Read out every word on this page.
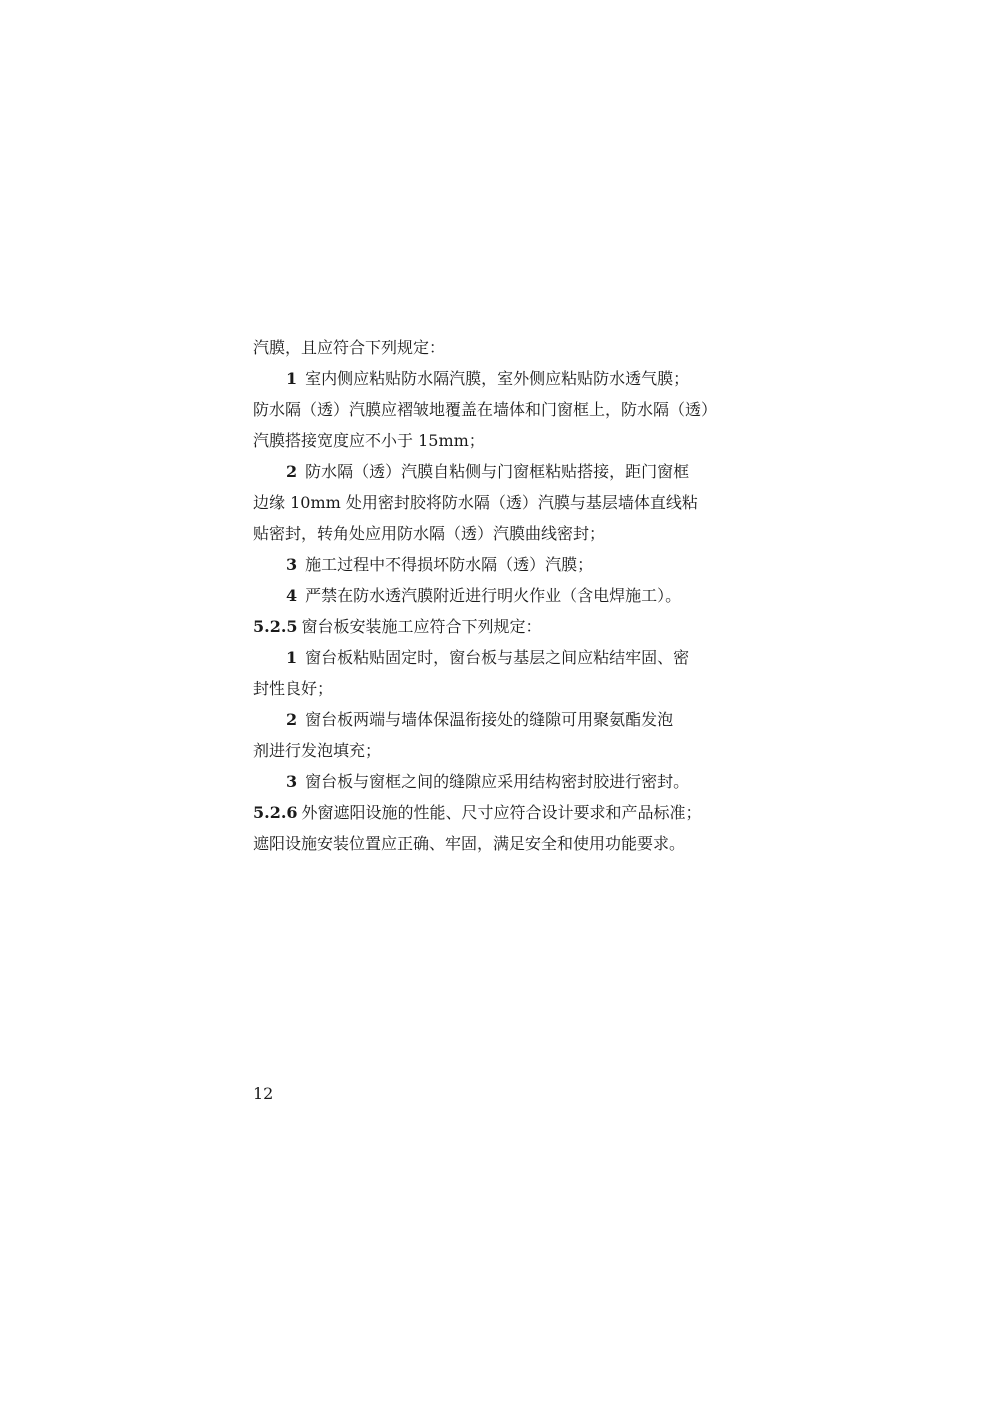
汽膜，且应符合下列规定：
1 室内侧应粘贴防水隔汽膜，室外侧应粘贴防水透气膜；
防水隔（透）汽膜应褶皱地覆盖在墙体和门窗框上，防水隔（透）
汽膜搭接宽度应不小于 15mm；
2 防水隔（透）汽膜自粘侧与门窗框粘贴搭接，距门窗框
边缘 10mm 处用密封胶将防水隔（透）汽膜与基层墙体直线粘
贴密封，转角处应用防水隔（透）汽膜曲线密封；
3 施工过程中不得损坏防水隔（透）汽膜；
4 严禁在防水透汽膜附近进行明火作业（含电焊施工）。
5.2.5 窗台板安装施工应符合下列规定：
1 窗台板粘贴固定时，窗台板与基层之间应粘结牢固、密
封性良好；
2 窗台板两端与墙体保温衔接处的缝隙可用聚氨酯发泡
剂进行发泡填充；
3 窗台板与窗框之间的缝隙应采用结构密封胶进行密封。
5.2.6 外窗遮阳设施的性能、尺寸应符合设计要求和产品标准；
遮阳设施安装位置应正确、牢固，满足安全和使用功能要求。
12
